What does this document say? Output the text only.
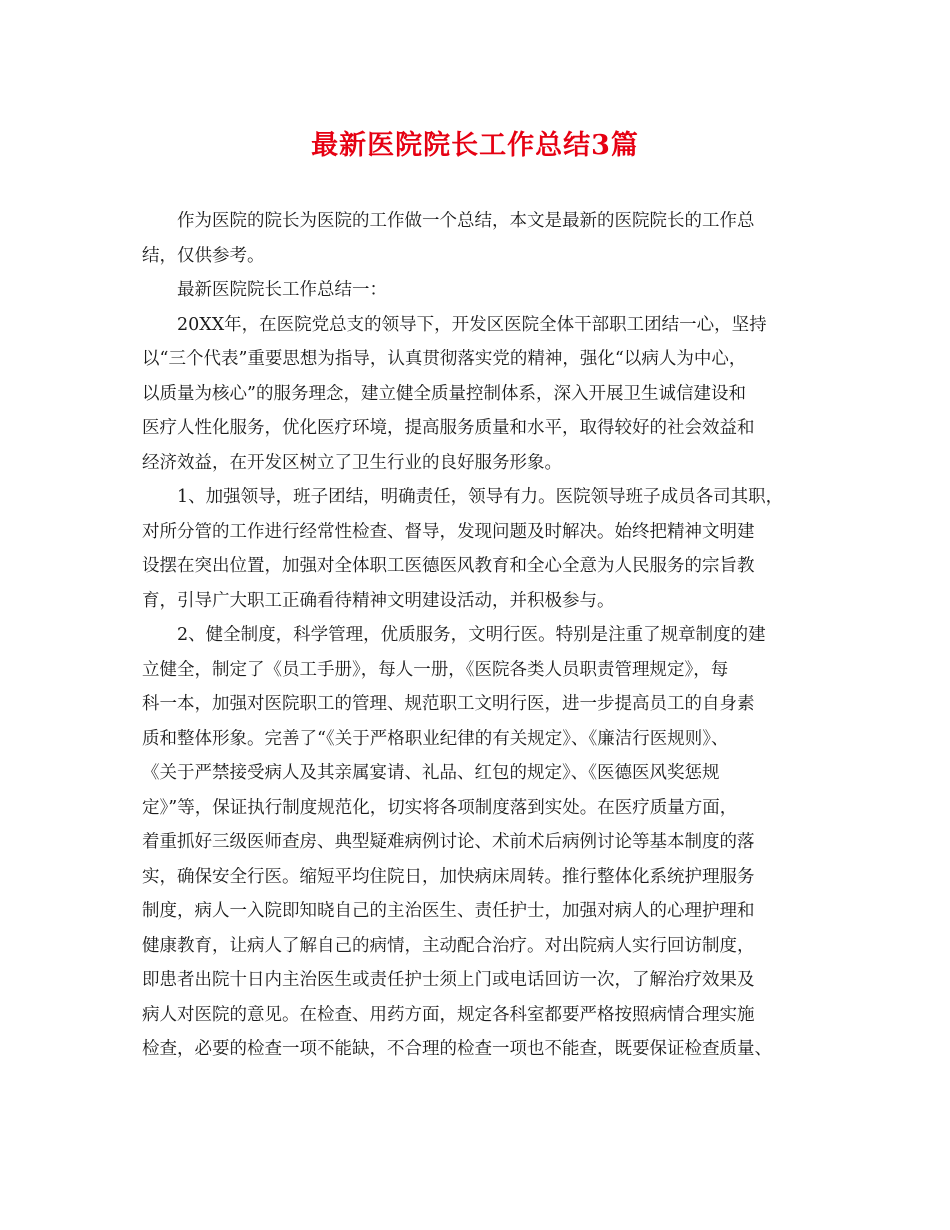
最新医院院长工作总结3篇
作为医院的院长为医院的工作做一个总结，本文是最新的医院院长的工作总
结，仅供参考。
最新医院院长工作总结一：
20XX年，在医院党总支的领导下，开发区医院全体干部职工团结一心，坚持
以“三个代表”重要思想为指导，认真贯彻落实党的精神，强化“以病人为中心，
以质量为核心”的服务理念，建立健全质量控制体系，深入开展卫生诚信建设和
医疗人性化服务，优化医疗环境，提高服务质量和水平，取得较好的社会效益和
经济效益，在开发区树立了卫生行业的良好服务形象。
1、加强领导，班子团结，明确责任，领导有力。医院领导班子成员各司其职，
对所分管的工作进行经常性检查、督导，发现问题及时解决。始终把精神文明建
设摆在突出位置，加强对全体职工医德医风教育和全心全意为人民服务的宗旨教
育，引导广大职工正确看待精神文明建设活动，并积极参与。
2、健全制度，科学管理，优质服务，文明行医。特别是注重了规章制度的建
立健全，制定了《员工手册》，每人一册，《医院各类人员职责管理规定》，每
科一本，加强对医院职工的管理、规范职工文明行医，进一步提高员工的自身素
质和整体形象。完善了“《关于严格职业纪律的有关规定》、《廉洁行医规则》、
《关于严禁接受病人及其亲属宴请、礼品、红包的规定》、《医德医风奖惩规
定》”等，保证执行制度规范化，切实将各项制度落到实处。在医疗质量方面，
着重抓好三级医师查房、典型疑难病例讨论、术前术后病例讨论等基本制度的落
实，确保安全行医。缩短平均住院日，加快病床周转。推行整体化系统护理服务
制度，病人一入院即知晓自己的主治医生、责任护士，加强对病人的心理护理和
健康教育，让病人了解自己的病情，主动配合治疗。对出院病人实行回访制度，
即患者出院十日内主治医生或责任护士须上门或电话回访一次，了解治疗效果及
病人对医院的意见。在检查、用药方面，规定各科室都要严格按照病情合理实施
检查，必要的检查一项不能缺，不合理的检查一项也不能查，既要保证检查质量、
